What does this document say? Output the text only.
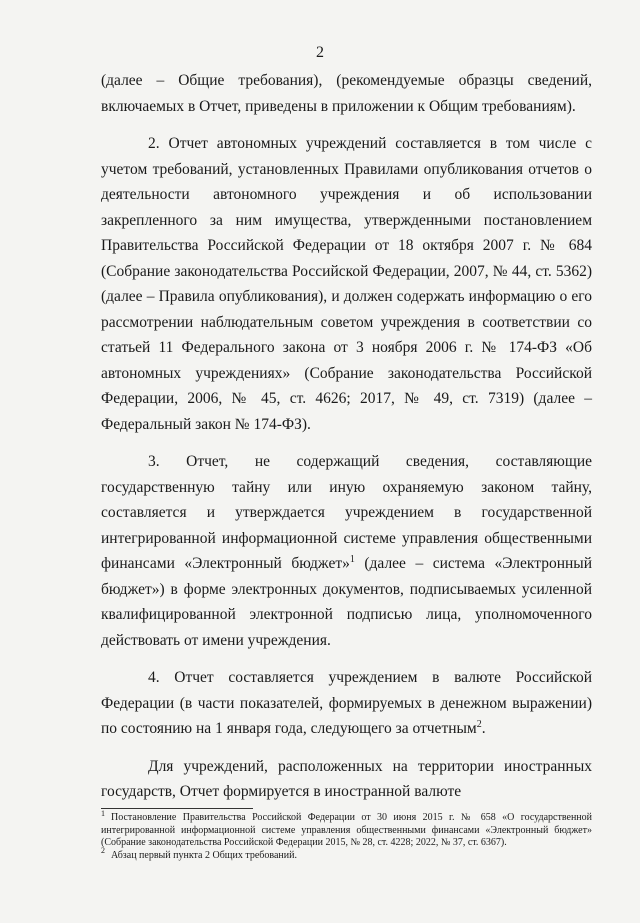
2

(далее – Общие требования), (рекомендуемые образцы сведений, включаемых в Отчет, приведены в приложении к Общим требованиям).

2. Отчет автономных учреждений составляется в том числе с учетом требований, установленных Правилами опубликования отчетов о деятельности автономного учреждения и об использовании закрепленного за ним имущества, утвержденными постановлением Правительства Российской Федерации от 18 октября 2007 г. № 684 (Собрание законодательства Российской Федерации, 2007, № 44, ст. 5362) (далее – Правила опубликования), и должен содержать информацию о его рассмотрении наблюдательным советом учреждения в соответствии со статьей 11 Федерального закона от 3 ноября 2006 г. № 174-ФЗ «Об автономных учреждениях» (Собрание законодательства Российской Федерации, 2006, № 45, ст. 4626; 2017, № 49, ст. 7319) (далее – Федеральный закон № 174-ФЗ).

3. Отчет, не содержащий сведения, составляющие государственную тайну или иную охраняемую законом тайну, составляется и утверждается учреждением в государственной интегрированной информационной системе управления общественными финансами «Электронный бюджет»$^1$ (далее – система «Электронный бюджет») в форме электронных документов, подписываемых усиленной квалифицированной электронной подписью лица, уполномоченного действовать от имени учреждения.

4. Отчет составляется учреждением в валюте Российской Федерации (в части показателей, формируемых в денежном выражении) по состоянию на 1 января года, следующего за отчетным$^2$.

Для учреждений, расположенных на территории иностранных государств, Отчет формируется в иностранной валюте

$^1$ Постановление Правительства Российской Федерации от 30 июня 2015 г. № 658 «О государственной интегрированной информационной системе управления общественными финансами «Электронный бюджет» (Собрание законодательства Российской Федерации 2015, № 28, ст. 4228; 2022, № 37, ст. 6367).

$^2$ Абзац первый пункта 2 Общих требований.
